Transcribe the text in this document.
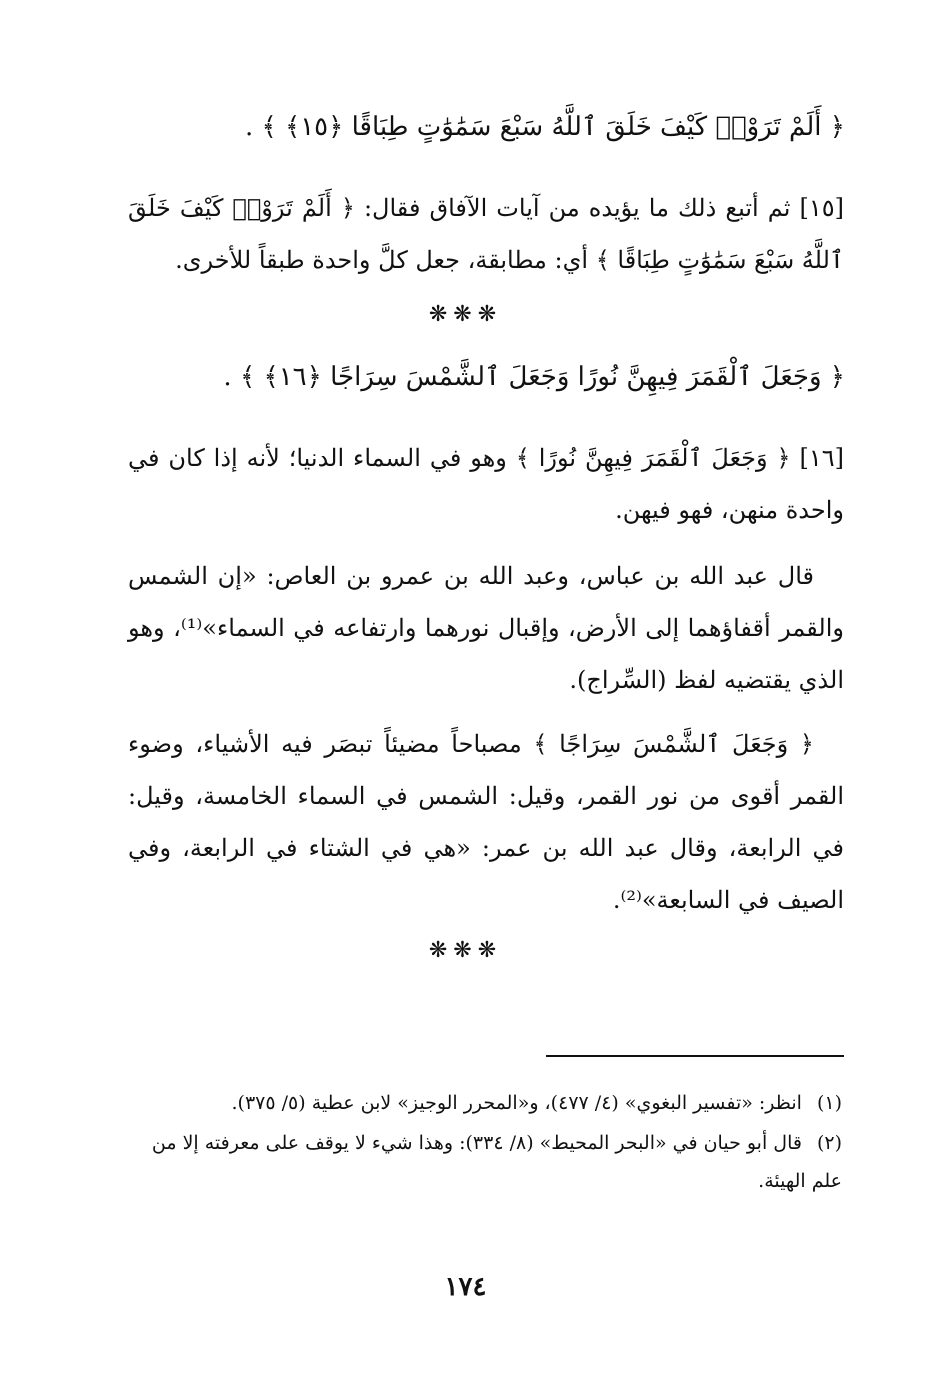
﴿ أَلَمْ تَرَوْا۟ كَيْفَ خَلَقَ ٱللَّهُ سَبْعَ سَمَٰوَٰتٍ طِبَاقًا ﴿١٥﴾ ﴾ .
[١٥] ثم أتبع ذلك ما يؤيده من آيات الآفاق فقال: ﴿ أَلَمْ تَرَوْا۟ كَيْفَ خَلَقَ ٱللَّهُ سَبْعَ سَمَٰوَٰتٍ طِبَاقًا ﴾ أي: مطابقة، جعل كلَّ واحدة طبقاً للأخرى.
❋❋❋
﴿ وَجَعَلَ ٱلْقَمَرَ فِيهِنَّ نُورًا وَجَعَلَ ٱلشَّمْسَ سِرَاجًا ﴿١٦﴾ ﴾ .
[١٦] ﴿ وَجَعَلَ ٱلْقَمَرَ فِيهِنَّ نُورًا ﴾ وهو في السماء الدنيا؛ لأنه إذا كان في واحدة منهن، فهو فيهن.
قال عبد الله بن عباس، وعبد الله بن عمرو بن العاص: «إن الشمس والقمر أقفاؤهما إلى الأرض، وإقبال نورهما وارتفاعه في السماء»⁽¹⁾، وهو الذي يقتضيه لفظ (السِّراج).
﴿ وَجَعَلَ ٱلشَّمْسَ سِرَاجًا ﴾ مصباحاً مضيئاً تبصَر فيه الأشياء، وضوء القمر أقوى من نور القمر، وقيل: الشمس في السماء الخامسة، وقيل: في الرابعة، وقال عبد الله بن عمر: «هي في الشتاء في الرابعة، وفي الصيف في السابعة»⁽²⁾.
❋❋❋
(١) انظر: «تفسير البغوي» (٤/ ٤٧٧)، و«المحرر الوجيز» لابن عطية (٥/ ٣٧٥).
(٢) قال أبو حيان في «البحر المحيط» (٨/ ٣٣٤): وهذا شيء لا يوقف على معرفته إلا من علم الهيئة.
١٧٤
